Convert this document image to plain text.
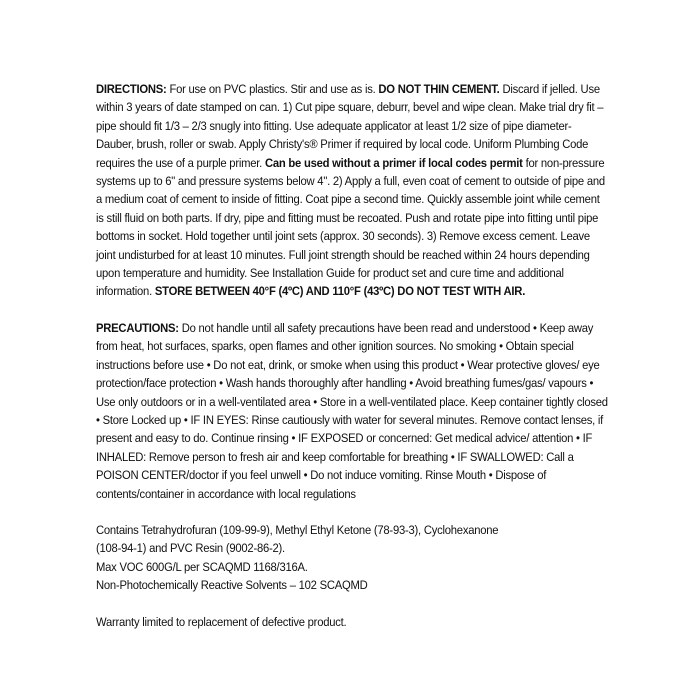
DIRECTIONS: For use on PVC plastics. Stir and use as is. DO NOT THIN CEMENT. Discard if jelled. Use within 3 years of date stamped on can. 1) Cut pipe square, deburr, bevel and wipe clean. Make trial dry fit – pipe should fit 1/3 – 2/3 snugly into fitting. Use adequate applicator at least 1/2 size of pipe diameter- Dauber, brush, roller or swab. Apply Christy's® Primer if required by local code. Uniform Plumbing Code requires the use of a purple primer. Can be used without a primer if local codes permit for non-pressure systems up to 6" and pressure systems below 4". 2) Apply a full, even coat of cement to outside of pipe and a medium coat of cement to inside of fitting. Coat pipe a second time. Quickly assemble joint while cement is still fluid on both parts. If dry, pipe and fitting must be recoated. Push and rotate pipe into fitting until pipe bottoms in socket. Hold together until joint sets (approx. 30 seconds). 3) Remove excess cement. Leave joint undisturbed for at least 10 minutes. Full joint strength should be reached within 24 hours depending upon temperature and humidity. See Installation Guide for product set and cure time and additional information. STORE BETWEEN 40°F (4ºC) AND 110°F (43ºC) DO NOT TEST WITH AIR.

PRECAUTIONS: Do not handle until all safety precautions have been read and understood • Keep away from heat, hot surfaces, sparks, open flames and other ignition sources. No smoking • Obtain special instructions before use • Do not eat, drink, or smoke when using this product • Wear protective gloves/ eye protection/face protection • Wash hands thoroughly after handling • Avoid breathing fumes/gas/ vapours • Use only outdoors or in a well-ventilated area • Store in a well-ventilated place. Keep container tightly closed • Store Locked up • IF IN EYES: Rinse cautiously with water for several minutes. Remove contact lenses, if present and easy to do. Continue rinsing • IF EXPOSED or concerned: Get medical advice/ attention • IF INHALED: Remove person to fresh air and keep comfortable for breathing • IF SWALLOWED: Call a POISON CENTER/doctor if you feel unwell • Do not induce vomiting. Rinse Mouth • Dispose of contents/container in accordance with local regulations

Contains Tetrahydrofuran (109-99-9), Methyl Ethyl Ketone (78-93-3), Cyclohexanone
(108-94-1) and PVC Resin (9002-86-2).
Max VOC 600G/L per SCAQMD 1168/316A.
Non-Photochemically Reactive Solvents – 102 SCAQMD

Warranty limited to replacement of defective product.
